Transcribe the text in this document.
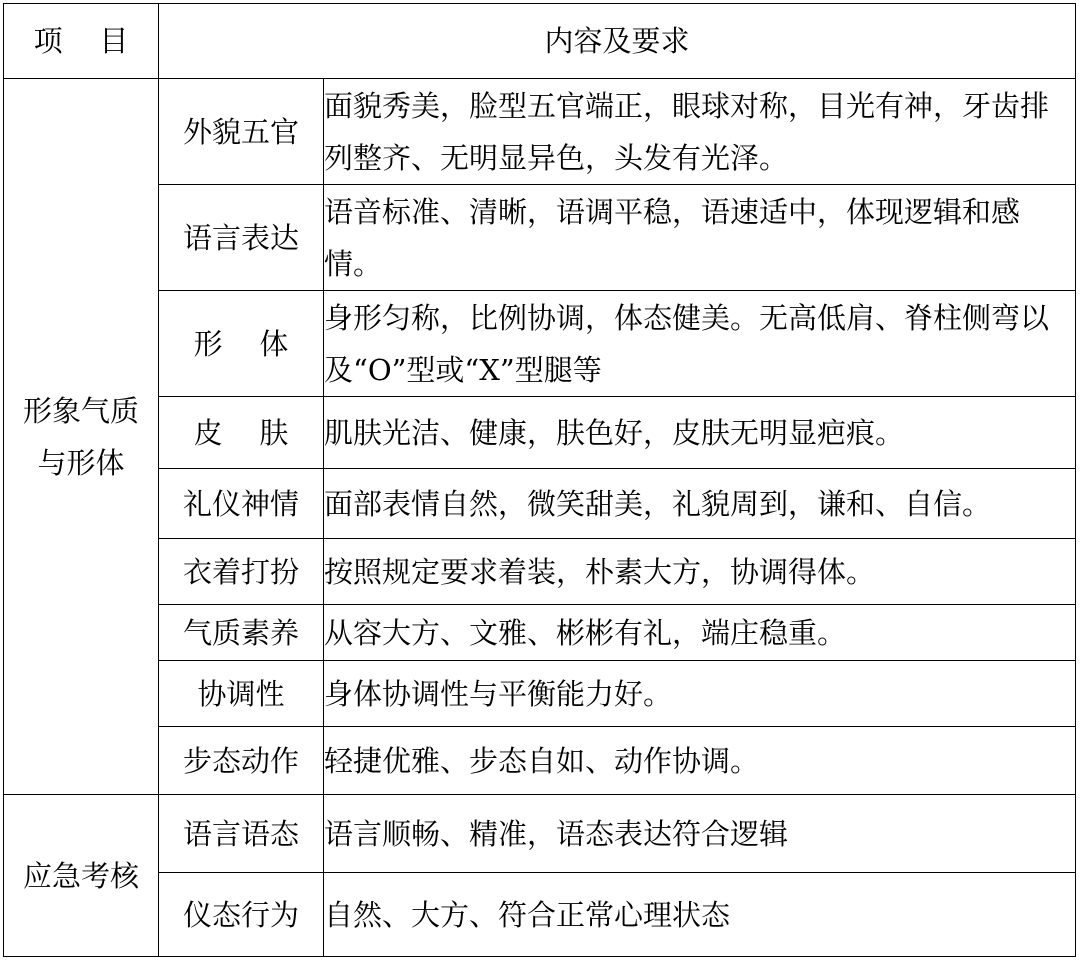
项    目	内容及要求	
形象气质与形体	外貌五官	面貌秀美，脸型五官端正，眼球对称，目光有神，牙齿排列整齐、无明显异色，头发有光泽。
	语言表达	语音标准、清晰，语调平稳，语速适中，体现逻辑和感情。
	形    体	身形匀称，比例协调，体态健美。无高低肩、脊柱侧弯以及“O”型或“X”型腿等
	皮    肤	肌肤光洁、健康，肤色好，皮肤无明显疤痕。
	礼仪神情	面部表情自然，微笑甜美，礼貌周到，谦和、自信。
	衣着打扮	按照规定要求着装，朴素大方，协调得体。
	气质素养	从容大方、文雅、彬彬有礼，端庄稳重。
	协调性	身体协调性与平衡能力好。
	步态动作	轻捷优雅、步态自如、动作协调。
应急考核	语言语态	语言顺畅、精准，语态表达符合逻辑
	仪态行为	自然、大方、符合正常心理状态
